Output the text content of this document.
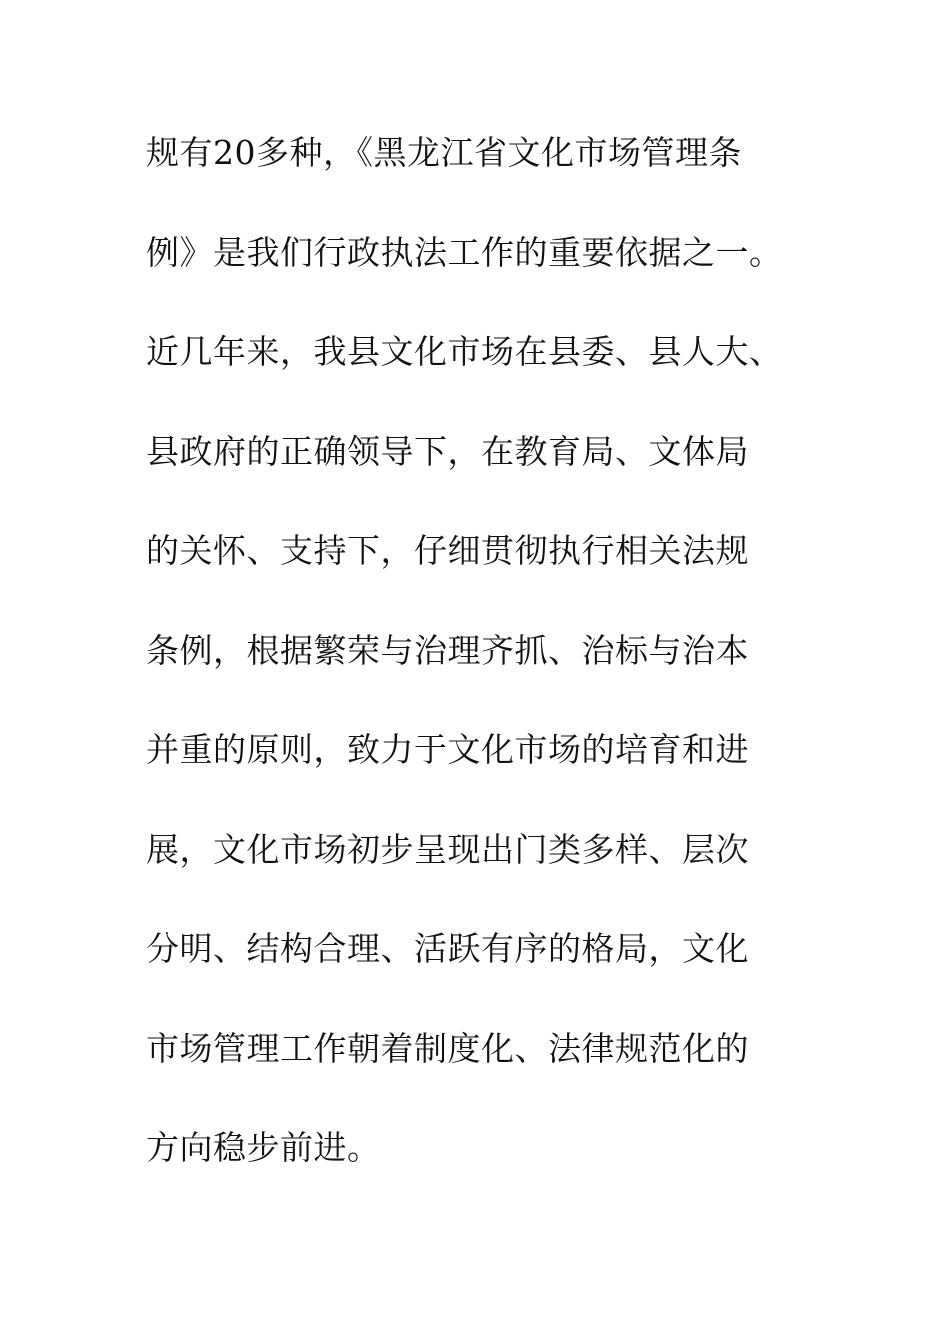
规有20多种，《黑龙江省文化市场管理条
例》是我们行政执法工作的重要依据之一。
近几年来，我县文化市场在县委、县人大、
县政府的正确领导下，在教育局、文体局
的关怀、支持下，仔细贯彻执行相关法规
条例，根据繁荣与治理齐抓、治标与治本
并重的原则，致力于文化市场的培育和进
展，文化市场初步呈现出门类多样、层次
分明、结构合理、活跃有序的格局，文化
市场管理工作朝着制度化、法律规范化的
方向稳步前进。
